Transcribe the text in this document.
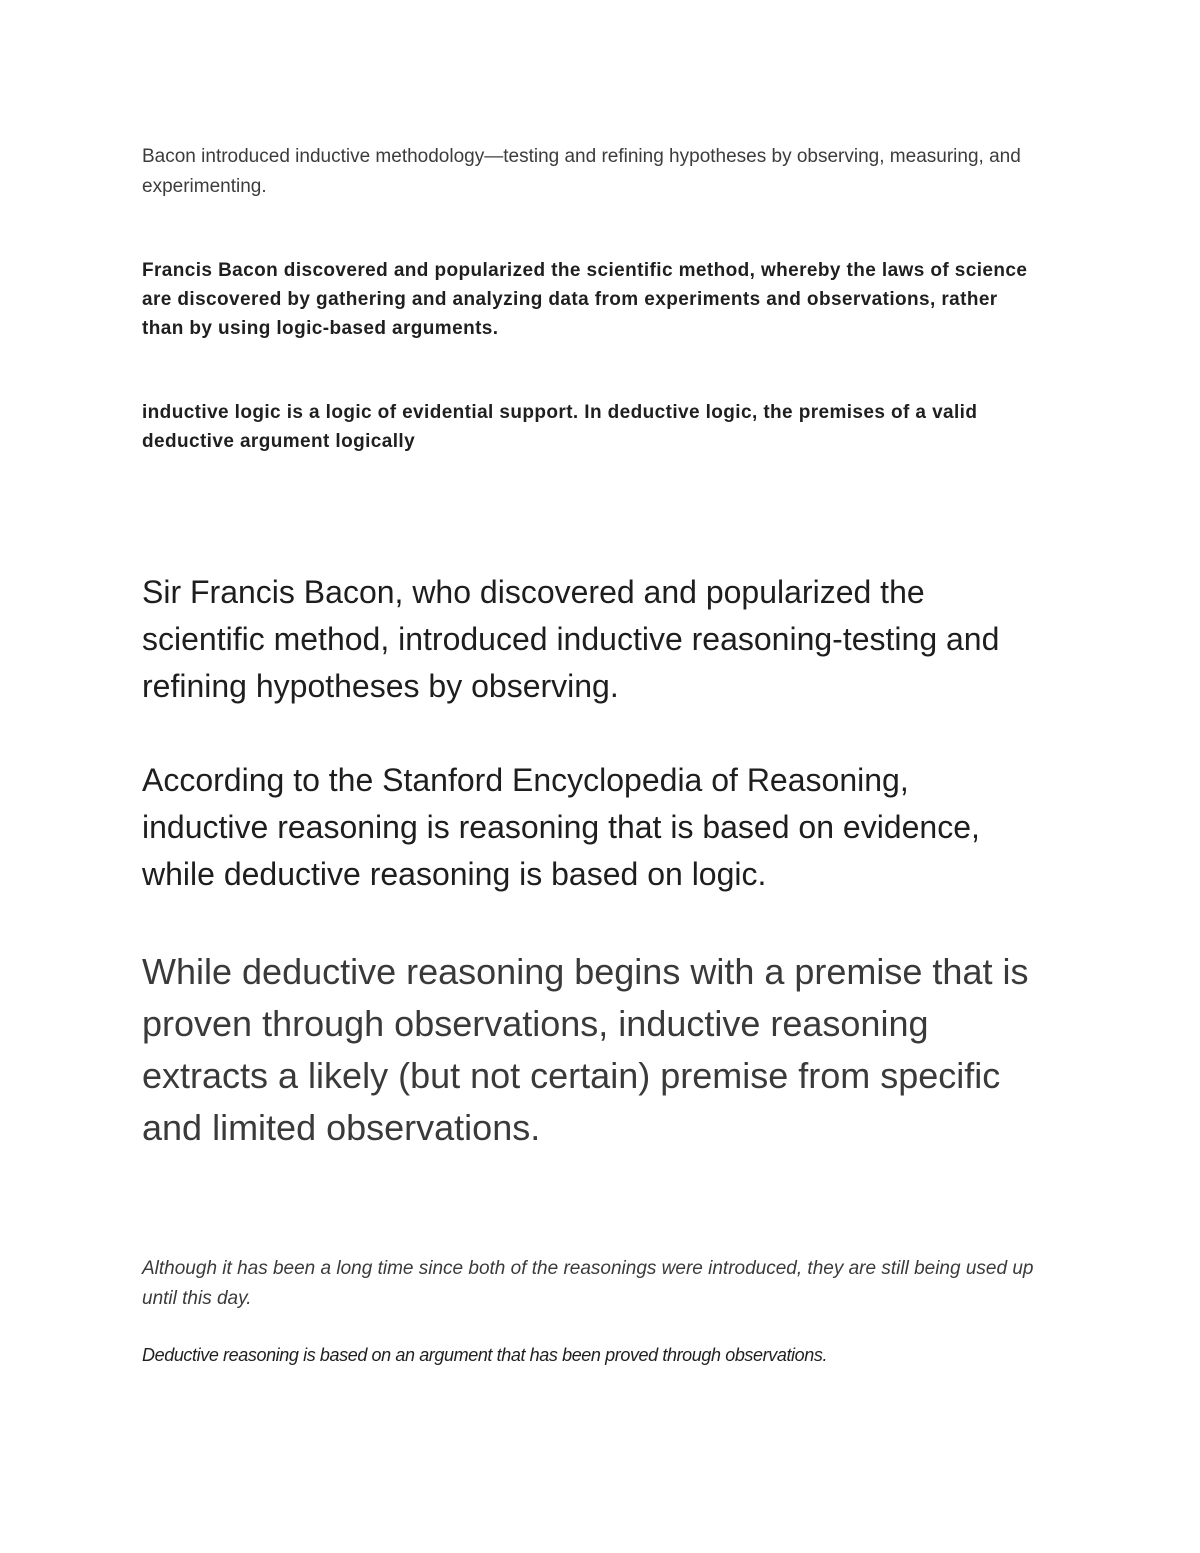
Bacon introduced inductive methodology—testing and refining hypotheses by observing, measuring, and experimenting.

Francis Bacon discovered and popularized the scientific method, whereby the laws of science are discovered by gathering and analyzing data from experiments and observations, rather than by using logic-based arguments.

inductive logic is a logic of evidential support. In deductive logic, the premises of a valid deductive argument logically

Sir Francis Bacon, who discovered and popularized the scientific method, introduced inductive reasoning-testing and refining hypotheses by observing.

According to the Stanford Encyclopedia of Reasoning, inductive reasoning is reasoning that is based on evidence, while deductive reasoning is based on logic.

While deductive reasoning begins with a premise that is proven through observations, inductive reasoning extracts a likely (but not certain) premise from specific and limited observations.

Although it has been a long time since both of the reasonings were introduced, they are still being used up until this day.

Deductive reasoning is based on an argument that has been proved through observations.
